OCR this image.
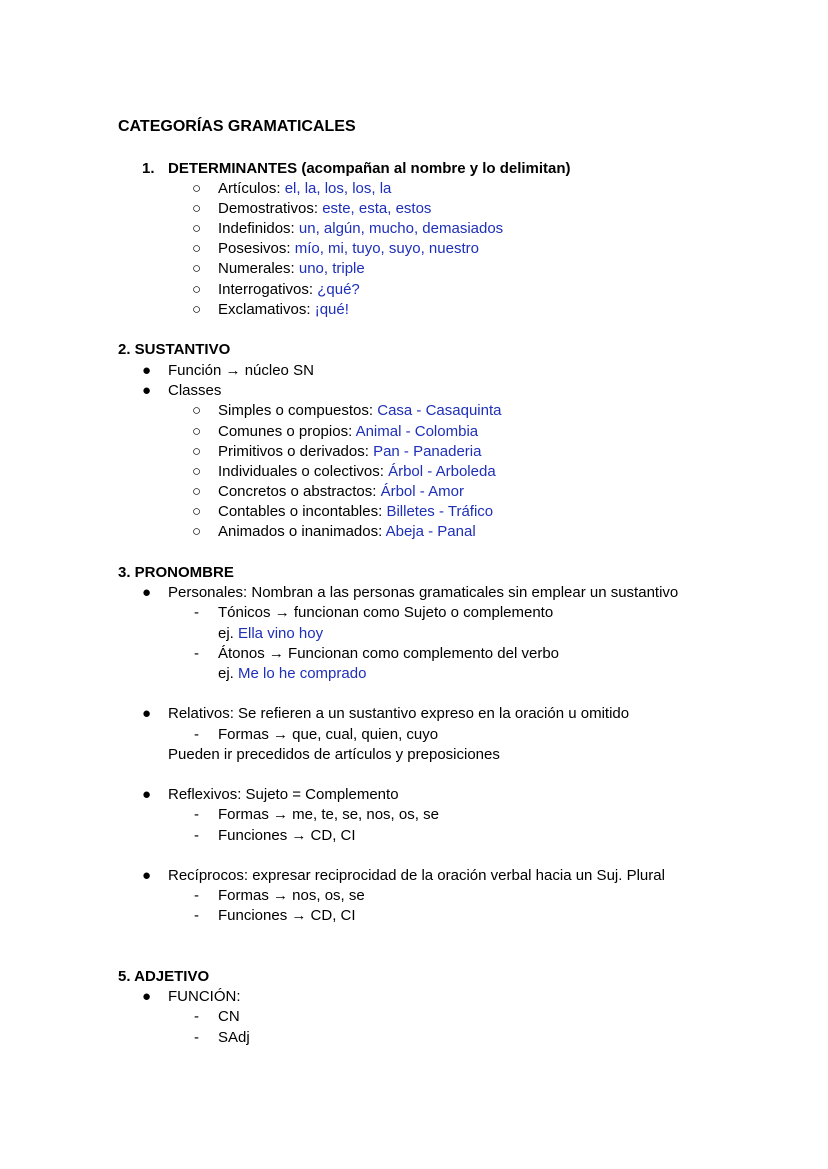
CATEGORÍAS GRAMATICALES
1. DETERMINANTES (acompañan al nombre y lo delimitan)
○ Artículos: el, la, los, los, la
○ Demostrativos: este, esta, estos
○ Indefinidos: un, algún, mucho, demasiados
○ Posesivos: mío, mi, tuyo, suyo, nuestro
○ Numerales: uno, triple
○ Interrogativos: ¿qué?
○ Exclamativos: ¡qué!
2. SUSTANTIVO
● Función → núcleo SN
● Classes
○ Simples o compuestos: Casa - Casaquinta
○ Comunes o propios: Animal - Colombia
○ Primitivos o derivados: Pan - Panaderia
○ Individuales o colectivos: Árbol - Arboleda
○ Concretos o abstractos: Árbol - Amor
○ Contables o incontables: Billetes - Tráfico
○ Animados o inanimados: Abeja - Panal
3. PRONOMBRE
● Personales: Nombran a las personas gramaticales sin emplear un sustantivo
- Tónicos → funcionan como Sujeto o complemento
ej. Ella vino hoy
- Átonos → Funcionan como complemento del verbo
ej. Me lo he comprado
● Relativos: Se refieren a un sustantivo expreso en la oración u omitido
- Formas → que, cual, quien, cuyo
Pueden ir precedidos de artículos y preposiciones
● Reflexivos: Sujeto = Complemento
- Formas → me, te, se, nos, os, se
- Funciones → CD, CI
● Recíprocos: expresar reciprocidad de la oración verbal hacia un Suj. Plural
- Formas → nos, os, se
- Funciones → CD, CI
5. ADJETIVO
● FUNCIÓN:
- CN
- SAdj
